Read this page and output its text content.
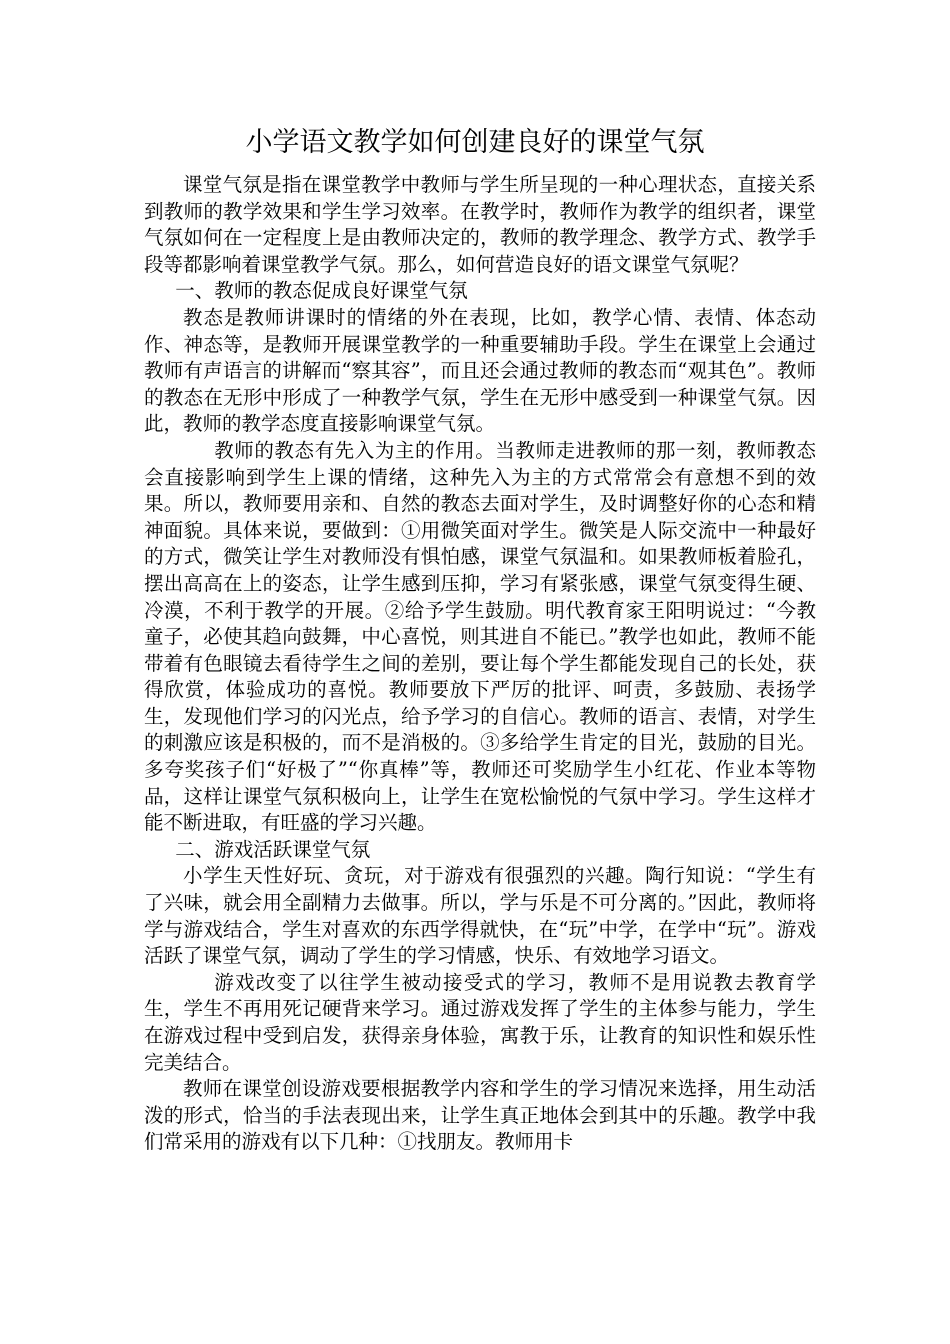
小学语文教学如何创建良好的课堂气氛

课堂气氛是指在课堂教学中教师与学生所呈现的一种心理状态，直接关系到教师的教学效果和学生学习效率。在教学时，教师作为教学的组织者，课堂气氛如何在一定程度上是由教师决定的，教师的教学理念、教学方式、教学手段等都影响着课堂教学气氛。那么，如何营造良好的语文课堂气氛呢？

一、教师的教态促成良好课堂气氛

教态是教师讲课时的情绪的外在表现，比如，教学心情、表情、体态动作、神态等，是教师开展课堂教学的一种重要辅助手段。学生在课堂上会通过教师有声语言的讲解而“察其容”，而且还会通过教师的教态而“观其色”。教师的教态在无形中形成了一种教学气氛，学生在无形中感受到一种课堂气氛。因此，教师的教学态度直接影响课堂气氛。

教师的教态有先入为主的作用。当教师走进教师的那一刻，教师教态会直接影响到学生上课的情绪，这种先入为主的方式常常会有意想不到的效果。所以，教师要用亲和、自然的教态去面对学生，及时调整好你的心态和精神面貌。具体来说，要做到：①用微笑面对学生。微笑是人际交流中一种最好的方式，微笑让学生对教师没有惧怕感，课堂气氛温和。如果教师板着脸孔，摆出高高在上的姿态，让学生感到压抑，学习有紧张感，课堂气氛变得生硬、冷漠，不利于教学的开展。②给予学生鼓励。明代教育家王阳明说过：“今教童子，必使其趋向鼓舞，中心喜悦，则其进自不能已。”教学也如此，教师不能带着有色眼镜去看待学生之间的差别，要让每个学生都能发现自己的长处，获得欣赏，体验成功的喜悦。教师要放下严厉的批评、呵责，多鼓励、表扬学生，发现他们学习的闪光点，给予学习的自信心。教师的语言、表情，对学生的刺激应该是积极的，而不是消极的。③多给学生肯定的目光，鼓励的目光。多夸奖孩子们“好极了”“你真棒”等，教师还可奖励学生小红花、作业本等物品，这样让课堂气氛积极向上，让学生在宽松愉悦的气氛中学习。学生这样才能不断进取，有旺盛的学习兴趣。

二、游戏活跃课堂气氛

小学生天性好玩、贪玩，对于游戏有很强烈的兴趣。陶行知说：“学生有了兴味，就会用全副精力去做事。所以，学与乐是不可分离的。”因此，教师将学与游戏结合，学生对喜欢的东西学得就快，在“玩”中学，在学中“玩”。游戏活跃了课堂气氛，调动了学生的学习情感，快乐、有效地学习语文。

游戏改变了以往学生被动接受式的学习，教师不是用说教去教育学生，学生不再用死记硬背来学习。通过游戏发挥了学生的主体参与能力，学生在游戏过程中受到启发，获得亲身体验，寓教于乐，让教育的知识性和娱乐性完美结合。

教师在课堂创设游戏要根据教学内容和学生的学习情况来选择，用生动活泼的形式，恰当的手法表现出来，让学生真正地体会到其中的乐趣。教学中我们常采用的游戏有以下几种：①找朋友。教师用卡
